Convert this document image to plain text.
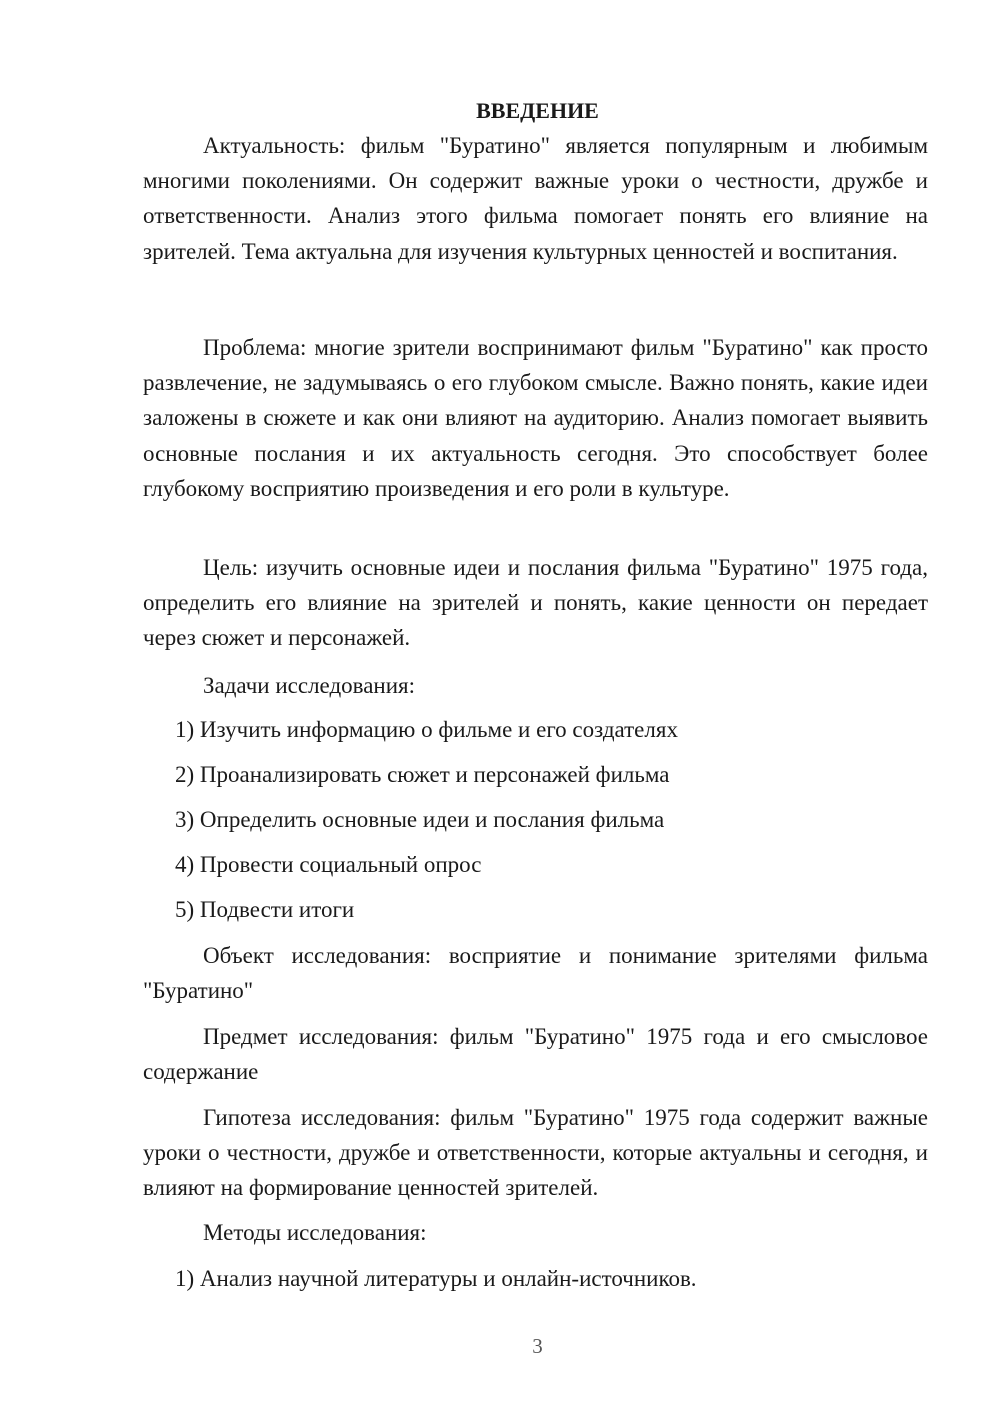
ВВЕДЕНИЕ

Актуальность: фильм "Буратино" является популярным и любимым многими поколениями. Он содержит важные уроки о честности, дружбе и ответственности. Анализ этого фильма помогает понять его влияние на зрителей. Тема актуальна для изучения культурных ценностей и воспитания.

Проблема: многие зрители воспринимают фильм "Буратино" как просто развлечение, не задумываясь о его глубоком смысле. Важно понять, какие идеи заложены в сюжете и как они влияют на аудиторию. Анализ помогает выявить основные послания и их актуальность сегодня. Это способствует более глубокому восприятию произведения и его роли в культуре.

Цель: изучить основные идеи и послания фильма "Буратино" 1975 года, определить его влияние на зрителей и понять, какие ценности он передает через сюжет и персонажей.

Задачи исследования:

1) Изучить информацию о фильме и его создателях
2) Проанализировать сюжет и персонажей фильма
3) Определить основные идеи и послания фильма
4) Провести социальный опрос
5) Подвести итоги

Объект исследования: восприятие и понимание зрителями фильма "Буратино"

Предмет исследования: фильм "Буратино" 1975 года и его смысловое содержание

Гипотеза исследования: фильм "Буратино" 1975 года содержит важные уроки о честности, дружбе и ответственности, которые актуальны и сегодня, и влияют на формирование ценностей зрителей.

Методы исследования:

1) Анализ научной литературы и онлайн-источников.
3
